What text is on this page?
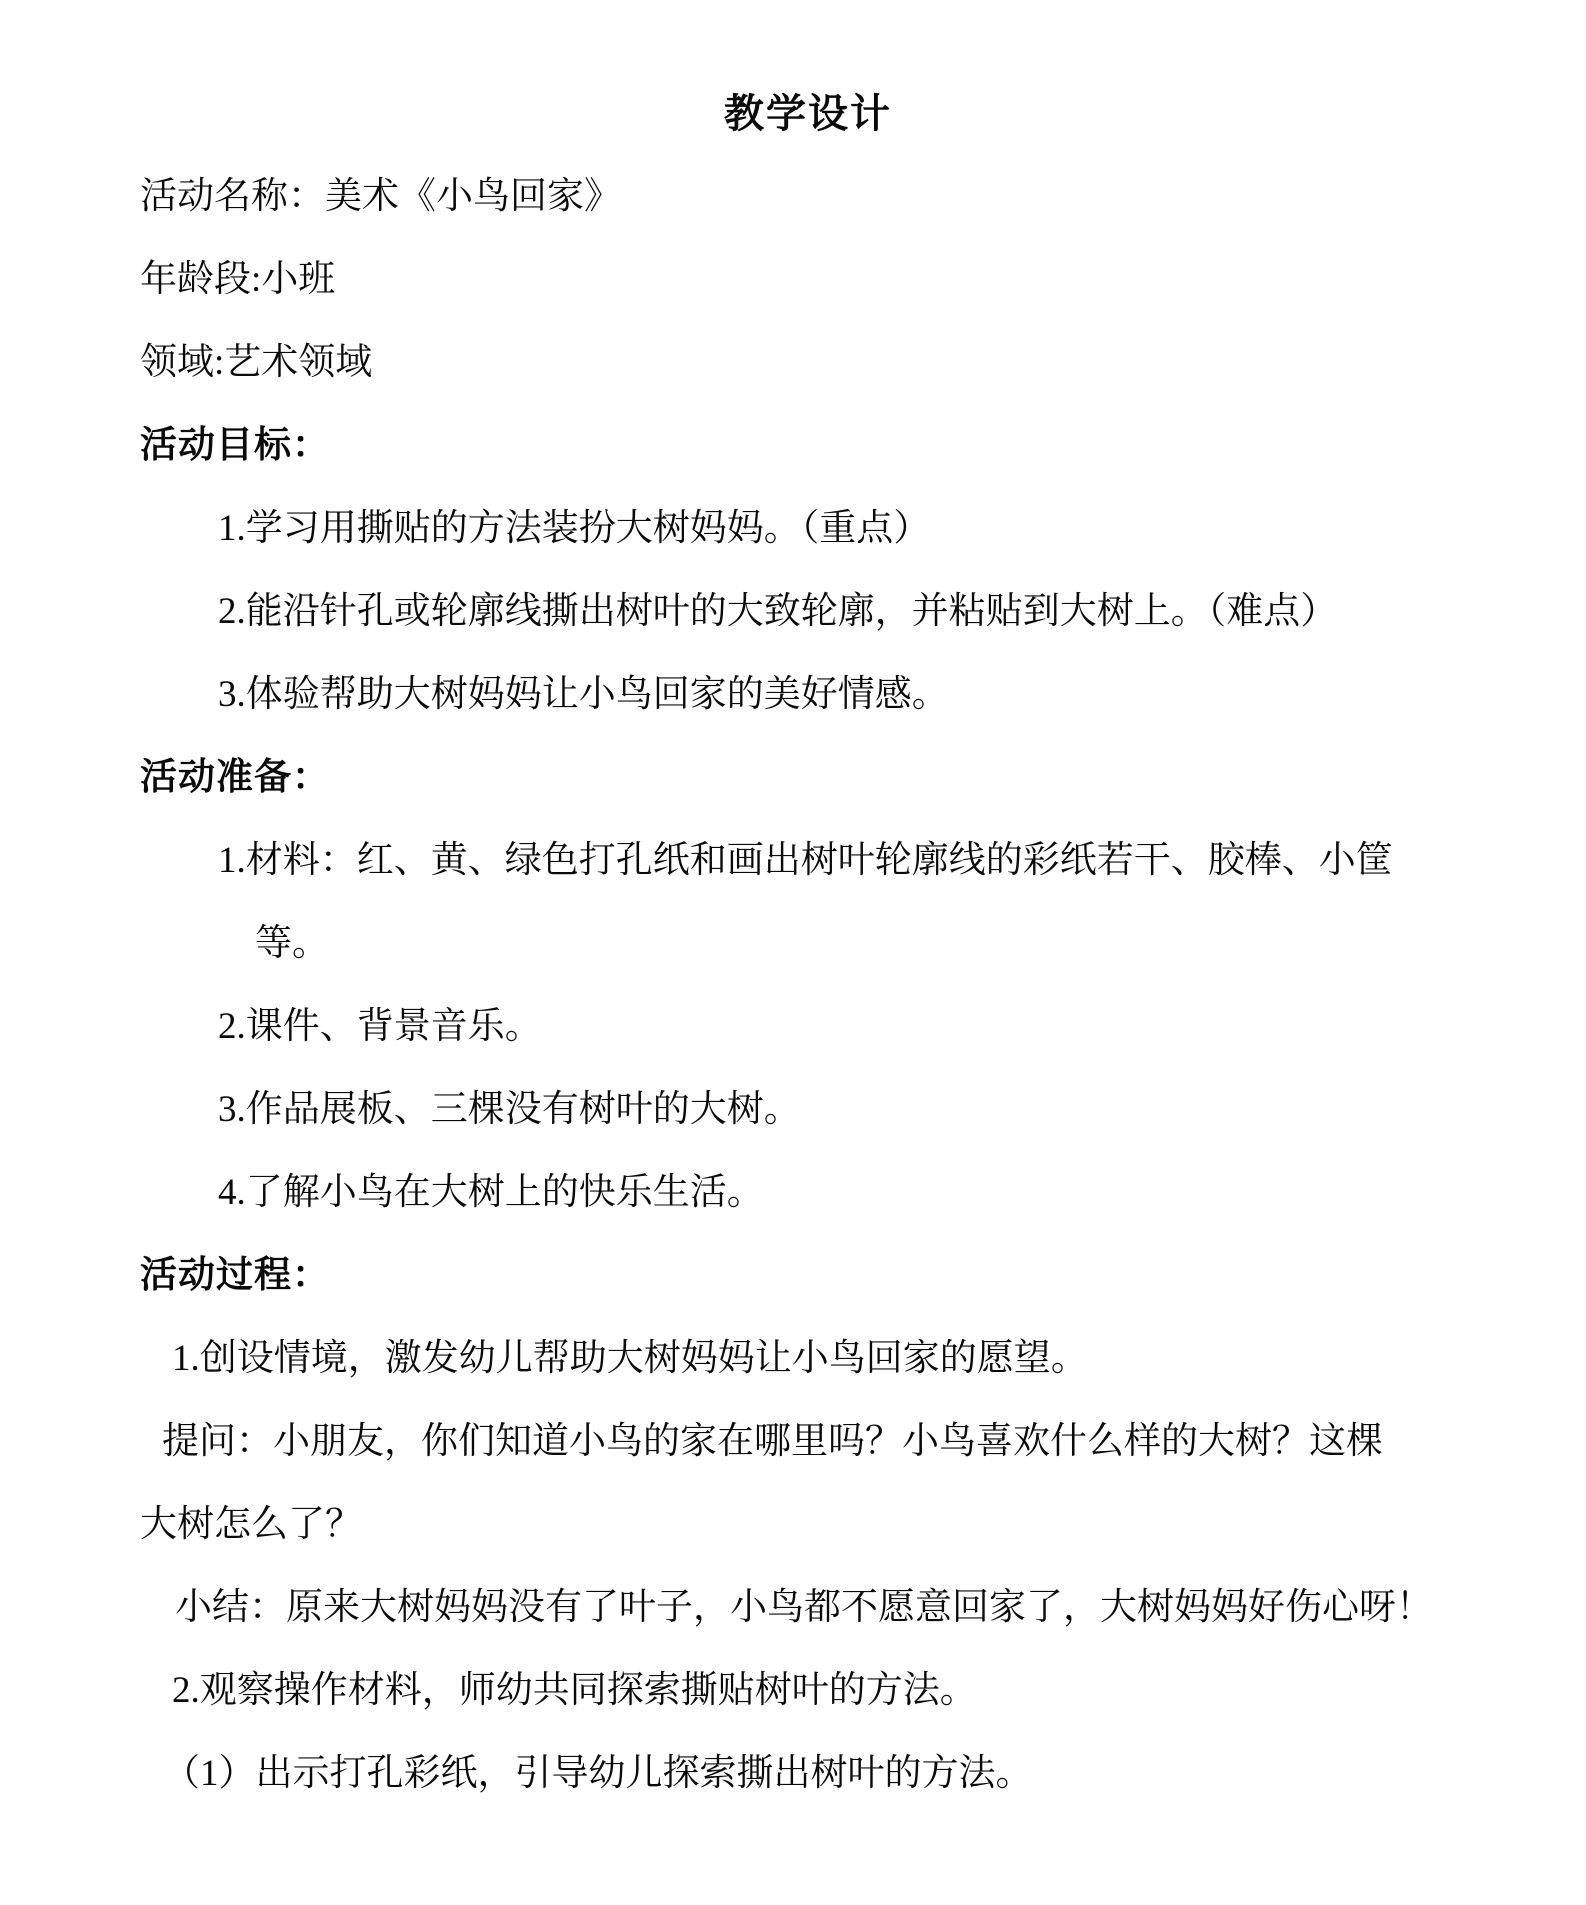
教学设计

活动名称：美术《小鸟回家》

年龄段:小班

领域:艺术领域

活动目标：

1.学习用撕贴的方法装扮大树妈妈。（重点）

2.能沿针孔或轮廓线撕出树叶的大致轮廓，并粘贴到大树上。（难点）

3.体验帮助大树妈妈让小鸟回家的美好情感。

活动准备：

1.材料：红、黄、绿色打孔纸和画出树叶轮廓线的彩纸若干、胶棒、小筐

等。

2.课件、背景音乐。

3.作品展板、三棵没有树叶的大树。

4.了解小鸟在大树上的快乐生活。

活动过程：

1.创设情境，激发幼儿帮助大树妈妈让小鸟回家的愿望。

提问：小朋友，你们知道小鸟的家在哪里吗？小鸟喜欢什么样的大树？这棵

大树怎么了？

小结：原来大树妈妈没有了叶子，小鸟都不愿意回家了，大树妈妈好伤心呀！

2.观察操作材料，师幼共同探索撕贴树叶的方法。

（1）出示打孔彩纸，引导幼儿探索撕出树叶的方法。
